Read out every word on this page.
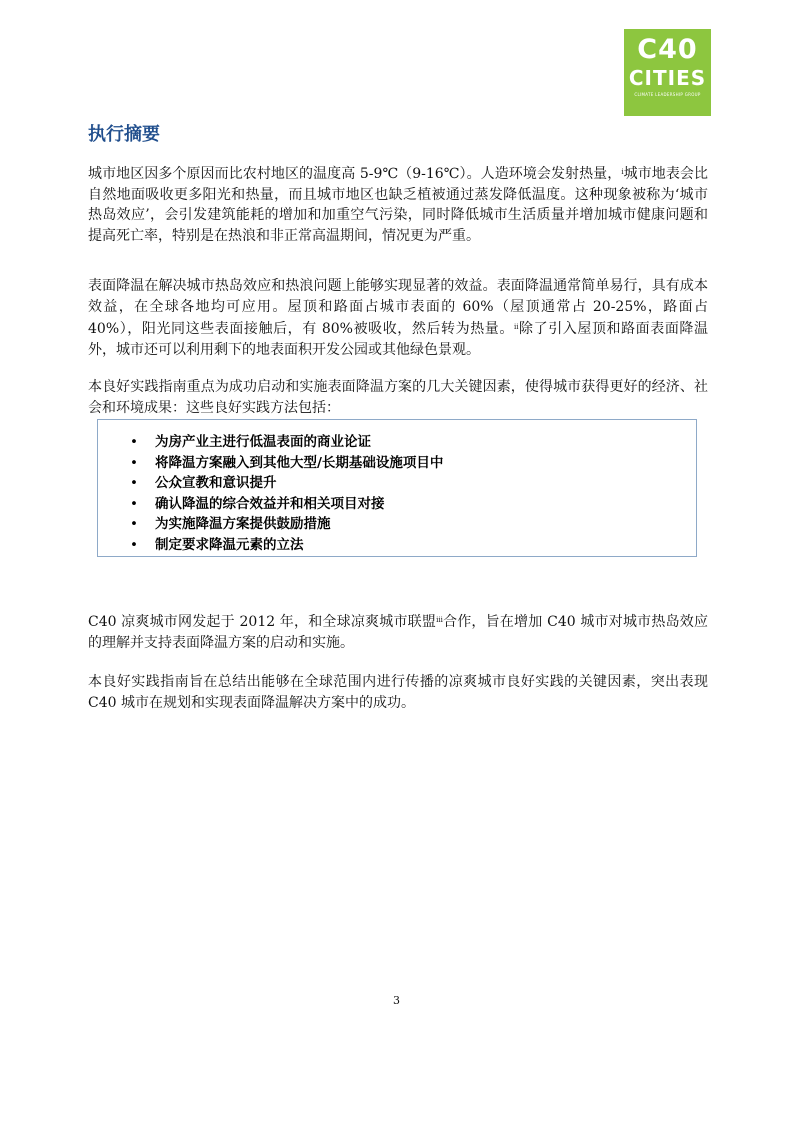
C40
CITIES
CLIMATE LEADERSHIP GROUP
执行摘要

城市地区因多个原因而比农村地区的温度高 5-9℃（9-16℃）。人造环境会发射热量，$^i$城市地表会比自然地面吸收更多阳光和热量，而且城市地区也缺乏植被通过蒸发降低温度。这种现象被称为‘城市热岛效应’，会引发建筑能耗的增加和加重空气污染，同时降低城市生活质量并增加城市健康问题和提高死亡率，特别是在热浪和非正常高温期间，情况更为严重。

表面降温在解决城市热岛效应和热浪问题上能够实现显著的效益。表面降温通常简单易行，具有成本效益，在全球各地均可应用。屋顶和路面占城市表面的 60%（屋顶通常占 20-25%，路面占 40%），阳光同这些表面接触后，有 80%被吸收，然后转为热量。$^{ii}$除了引入屋顶和路面表面降温外，城市还可以利用剩下的地表面积开发公园或其他绿色景观。

本良好实践指南重点为成功启动和实施表面降温方案的几大关键因素，使得城市获得更好的经济、社会和环境成果：这些良好实践方法包括：

• 为房产业主进行低温表面的商业论证
• 将降温方案融入到其他大型/长期基础设施项目中
• 公众宣教和意识提升
• 确认降温的综合效益并和相关项目对接
• 为实施降温方案提供鼓励措施
• 制定要求降温元素的立法

C40 凉爽城市网发起于 2012 年，和全球凉爽城市联盟$^{iii}$合作，旨在增加 C40 城市对城市热岛效应的理解并支持表面降温方案的启动和实施。

本良好实践指南旨在总结出能够在全球范围内进行传播的凉爽城市良好实践的关键因素，突出表现 C40 城市在规划和实现表面降温解决方案中的成功。

3
